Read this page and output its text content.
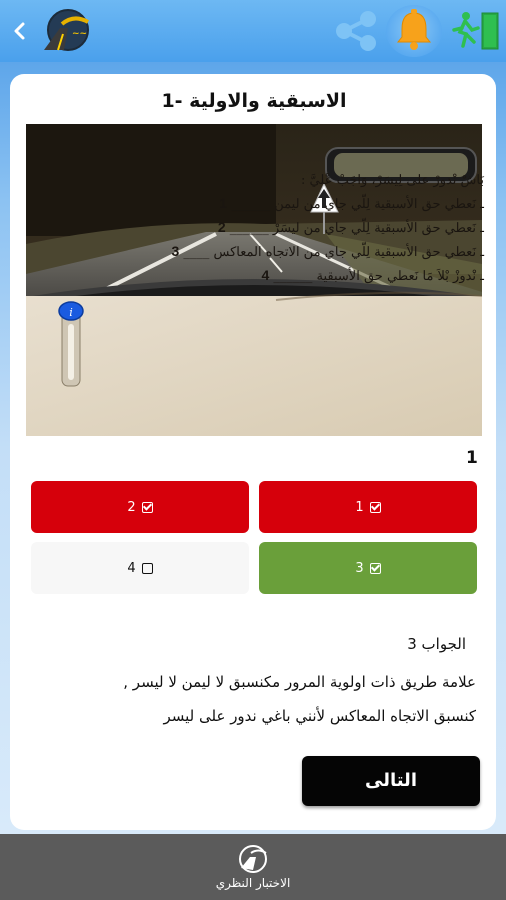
~~
الاسبقية والاولية -1
i
بَاشْ نْدورْ على لِيسَرْ، وَاجَبْ عْليَّ :
ـ نَعطي حق الأسبقية لِلّي جاي من ليمن ______ 1
ـ نَعطي حق الأسبقية لِلّي جاي من ليسَرْ ______ 2
ـ نَعطي حق الأسبقية لِلّي جاي من الاتجاه المعاكس ____ 3
ـ نْدوزْ بْلاَ مَا نَعطي حق الأسبقية ______ 4
1
1
2
3
4
الجواب 3
علامة طريق ذات اولوية المرور مكنسبق لا ليمن لا ليسر ,
كنسبق الاتجاه المعاكس لأنني باغي ندور على ليسر
التالى
الاختبار النظري
